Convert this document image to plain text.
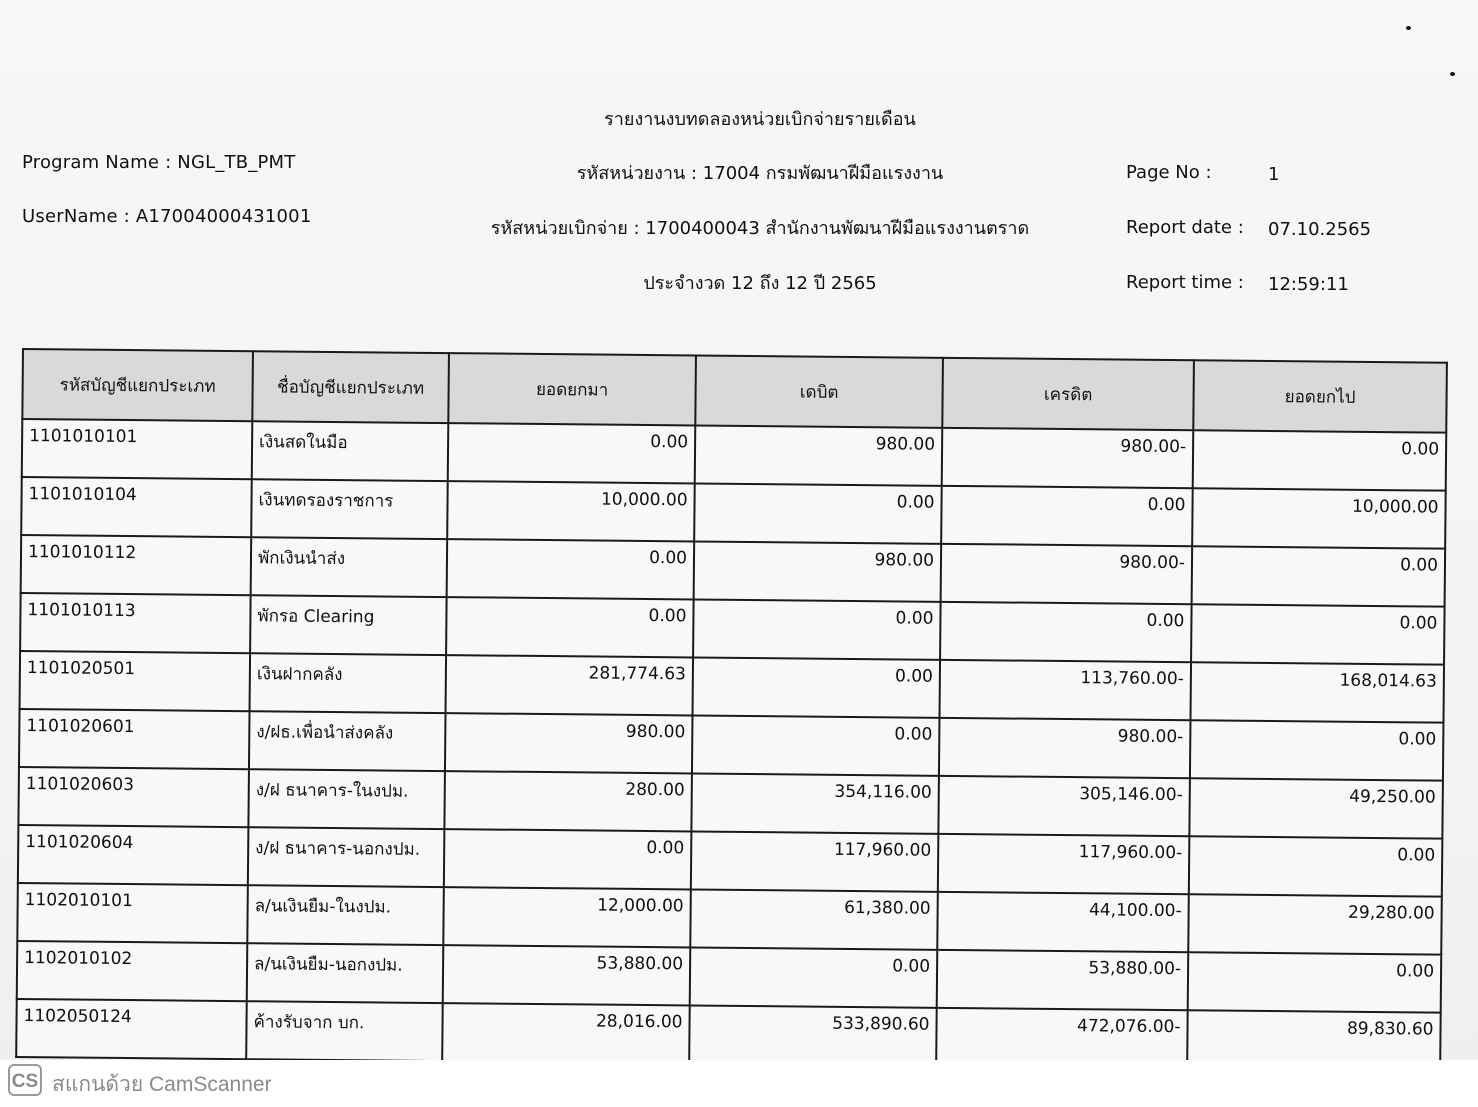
รายงานงบทดลองหน่วยเบิกจ่ายรายเดือน
Program Name : NGL_TB_PMT
รหัสหน่วยงาน : 17004 กรมพัฒนาฝีมือแรงงาน	Page No :	1
UserName : A17004000431001
รหัสหน่วยเบิกจ่าย : 1700400043 สำนักงานพัฒนาฝีมือแรงงานตราด	Report date : 07.10.2565
ประจำงวด 12 ถึง 12 ปี 2565	Report time : 12:59:11
รหัสบัญชีแยกประเภท	ชื่อบัญชีแยกประเภท	ยอดยกมา	เดบิต	เครดิต	ยอดยกไป
1101010101	เงินสดในมือ	0.00	980.00	980.00-	0.00
1101010104	เงินทดรองราชการ	10,000.00	0.00	0.00	10,000.00
1101010112	พักเงินนำส่ง	0.00	980.00	980.00-	0.00
1101010113	พักรอ Clearing	0.00	0.00	0.00	0.00
1101020501	เงินฝากคลัง	281,774.63	0.00	113,760.00-	168,014.63
1101020601	ง/ฝธ.เพื่อนำส่งคลัง	980.00	0.00	980.00-	0.00
1101020603	ง/ฝ ธนาคาร-ในงปม.	280.00	354,116.00	305,146.00-	49,250.00
1101020604	ง/ฝ ธนาคาร-นอกงปม.	0.00	117,960.00	117,960.00-	0.00
1102010101	ล/นเงินยืม-ในงปม.	12,000.00	61,380.00	44,100.00-	29,280.00
1102010102	ล/นเงินยืม-นอกงปม.	53,880.00	0.00	53,880.00-	0.00
1102050124	ค้างรับจาก บก.	28,016.00	533,890.60	472,076.00-	89,830.60
CS สแกนด้วย CamScanner
